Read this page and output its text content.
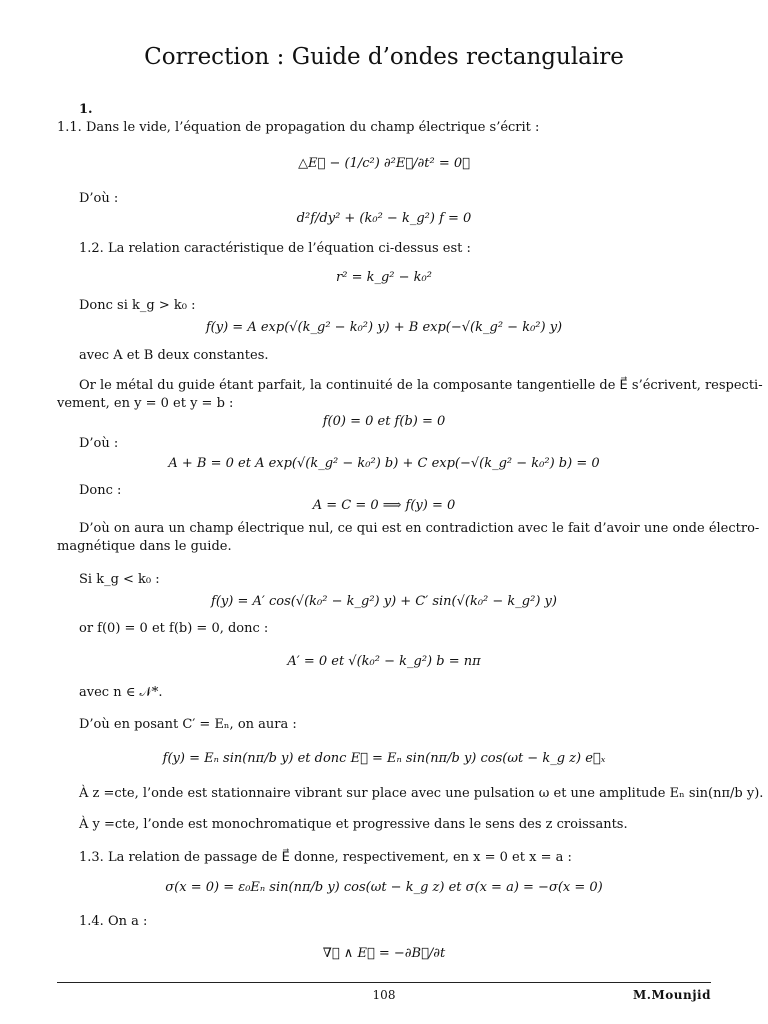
Correction : Guide d’ondes rectangulaire
1.
1.1. Dans le vide, l’équation de propagation du champ électrique s’écrit :
△E⃗ − (1/c²) ∂²E⃗/∂t² = 0⃗
D’où :
d²f/dy² + (k₀² − k_g²) f = 0
1.2. La relation caractéristique de l’équation ci-dessus est :
r² = k_g² − k₀²
Donc si k_g > k₀ :
f(y) = A exp(√(k_g² − k₀²) y) + B exp(−√(k_g² − k₀²) y)
avec A et B deux constantes.
Or le métal du guide étant parfait, la continuité de la composante tangentielle de E⃗ s’écrivent, respecti-
vement, en y = 0 et y = b :
f(0) = 0 et f(b) = 0
D’où :
A + B = 0 et A exp(√(k_g² − k₀²) b) + C exp(−√(k_g² − k₀²) b) = 0
Donc :
A = C = 0 ⟹ f(y) = 0
D’où on aura un champ électrique nul, ce qui est en contradiction avec le fait d’avoir une onde électro-
magnétique dans le guide.
Si k_g < k₀ :
f(y) = A′ cos(√(k₀² − k_g²) y) + C′ sin(√(k₀² − k_g²) y)
or f(0) = 0 et f(b) = 0, donc :
A′ = 0 et √(k₀² − k_g²) b = nπ
avec n ∈ 𝒩*.
D’où en posant C′ = Eₙ, on aura :
f(y) = Eₙ sin(nπ/b y) et donc E⃗ = Eₙ sin(nπ/b y) cos(ωt − k_g z) e⃗ₓ
À z =cte, l’onde est stationnaire vibrant sur place avec une pulsation ω et une amplitude Eₙ sin(nπ/b y).
À y =cte, l’onde est monochromatique et progressive dans le sens des z croissants.
1.3. La relation de passage de E⃗ donne, respectivement, en x = 0 et x = a :
σ(x = 0) = ε₀Eₙ sin(nπ/b y) cos(ωt − k_g z) et σ(x = a) = −σ(x = 0)
1.4. On a :
∇⃗ ∧ E⃗ = −∂B⃗/∂t
108	M.Mounjid
